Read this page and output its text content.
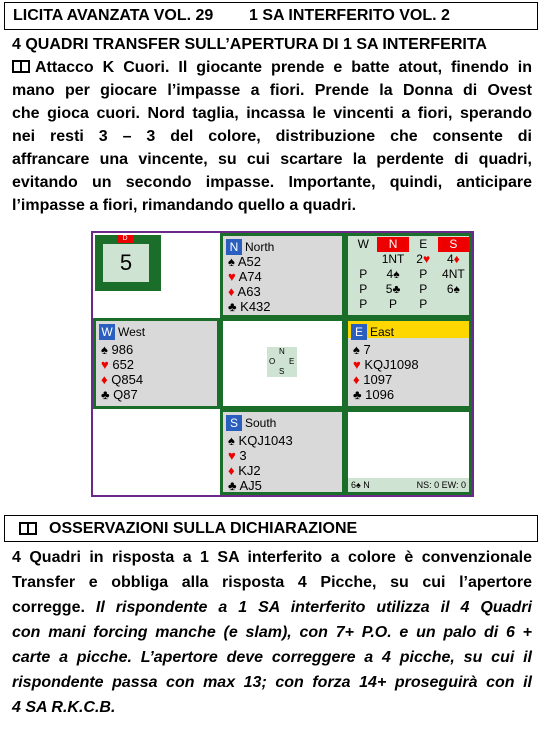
LICITA AVANZATA VOL. 29 1 SA INTERFERITO VOL. 2
4 QUADRI TRANSFER SULL’APERTURA DI 1 SA INTERFERITA
Attacco K Cuori. Il giocante prende e batte atout, finendo in
mano per giocare l’impasse a fiori. Prende la Donna di Ovest
che gioca cuori. Nord taglia, incassa le vincenti a fiori, sperando
nei resti 3 – 3 del colore, distribuzione che consente di
affrancare una vincente, su cui scartare la perdente di quadri,
evitando un secondo impasse. Importante, quindi, anticipare
l’impasse a fiori, rimandando quello a quadri.
D
5
N North
♠ A52
♥ A74
♦ A63
♣ K432
W	N	E	S
	1NT	2♥	4♦
P	4♠	P	4NT
P	5♣	P	6♠
P	P	P	
W West
♠ 986
♥ 652
♦ Q854
♣ Q87
N
O E
S
E East
♠ 7
♥ KQJ1098
♦ 1097
♣ 1096
S South
♠ KQJ1043
♥ 3
♦ KJ2
♣ AJ5	6♠ N	NS: 0 EW: 0
OSSERVAZIONI SULLA DICHIARAZIONE
4 Quadri in risposta a 1 SA interferito a colore è convenzionale
Transfer e obbliga alla risposta 4 Picche, su cui l’apertore
corregge. Il rispondente a 1 SA interferito utilizza il 4 Quadri
con mani forcing manche (e slam), con 7+ P.O. e un palo di 6 +
carte a picche. L’apertore deve correggere a 4 picche, su cui il
rispondente passa con max 13; con forza 14+ proseguirà con il
4 SA R.K.C.B.
